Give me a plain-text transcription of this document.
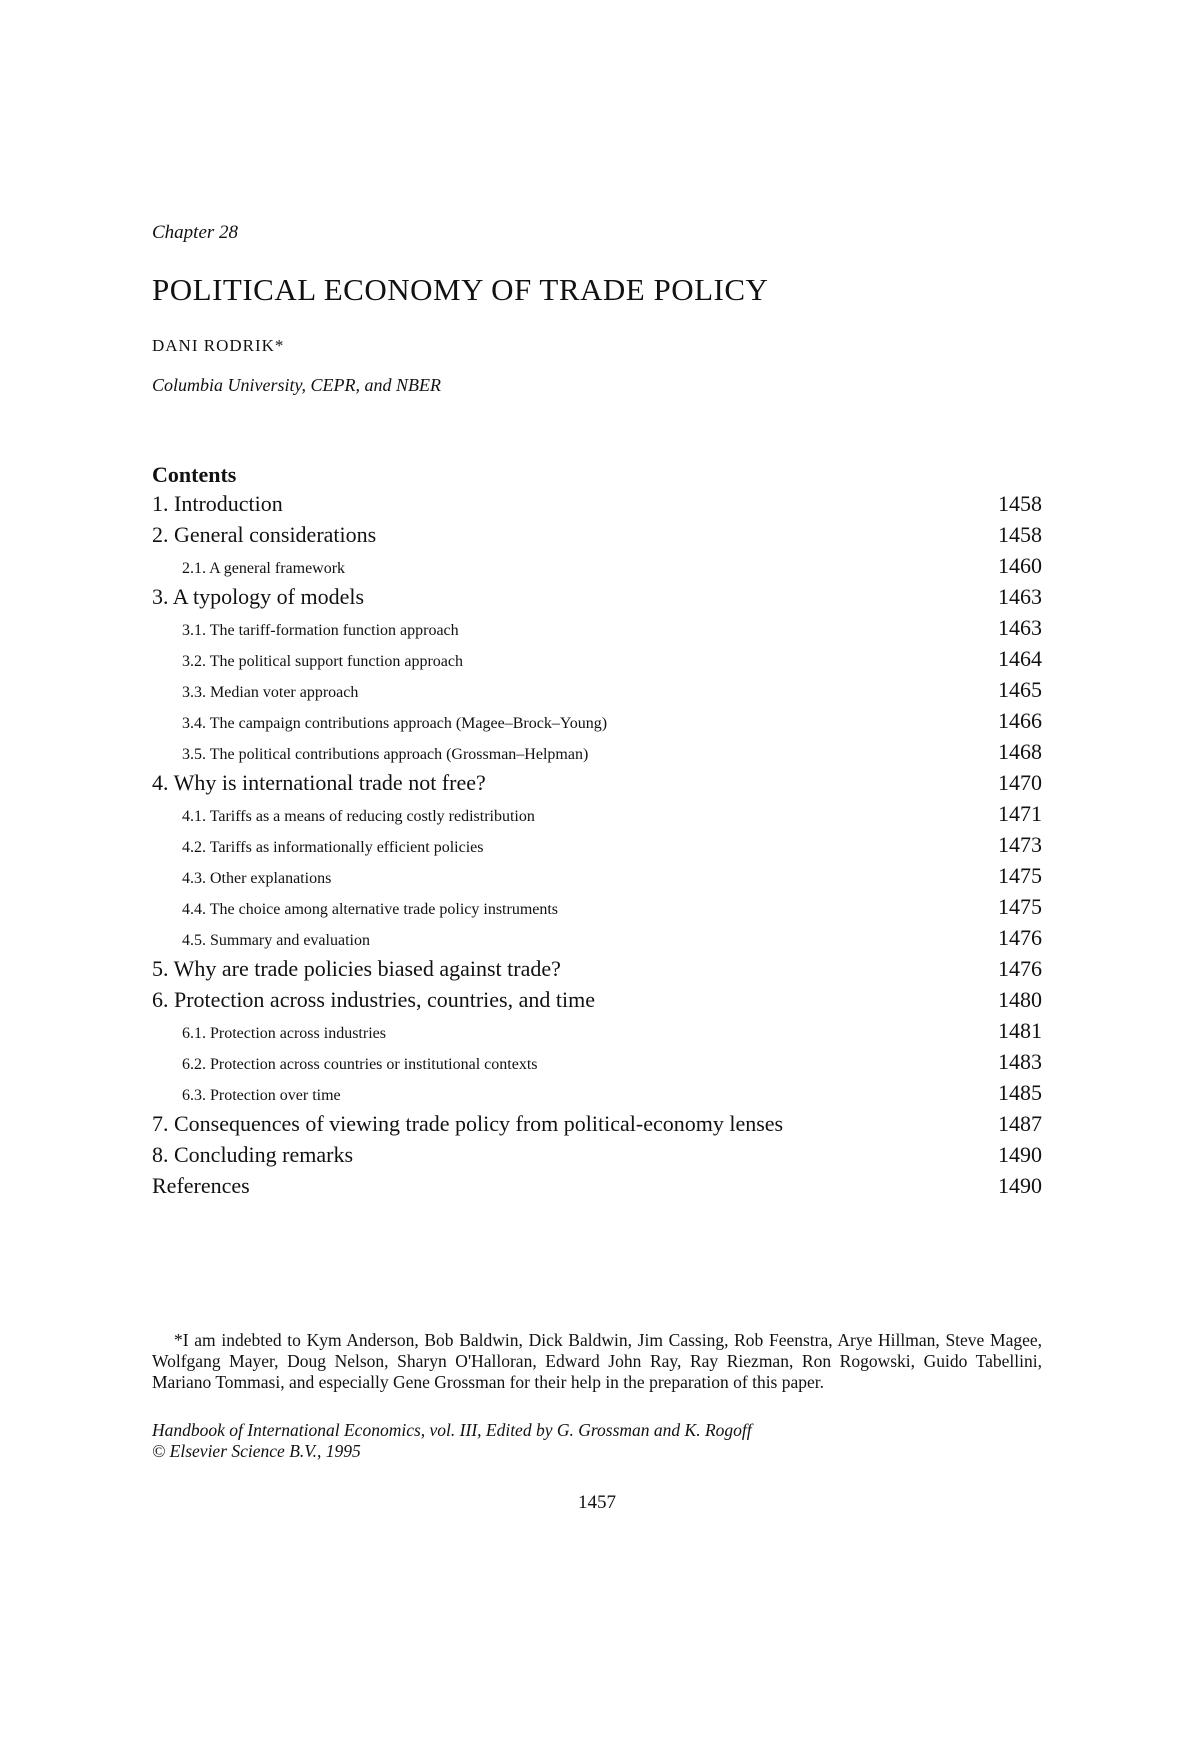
Chapter 28
POLITICAL ECONOMY OF TRADE POLICY
DANI RODRIK*
Columbia University, CEPR, and NBER
Contents
1. Introduction	1458
2. General considerations	1458
2.1. A general framework	1460
3. A typology of models	1463
3.1. The tariff-formation function approach	1463
3.2. The political support function approach	1464
3.3. Median voter approach	1465
3.4. The campaign contributions approach (Magee–Brock–Young)	1466
3.5. The political contributions approach (Grossman–Helpman)	1468
4. Why is international trade not free?	1470
4.1. Tariffs as a means of reducing costly redistribution	1471
4.2. Tariffs as informationally efficient policies	1473
4.3. Other explanations	1475
4.4. The choice among alternative trade policy instruments	1475
4.5. Summary and evaluation	1476
5. Why are trade policies biased against trade?	1476
6. Protection across industries, countries, and time	1480
6.1. Protection across industries	1481
6.2. Protection across countries or institutional contexts	1483
6.3. Protection over time	1485
7. Consequences of viewing trade policy from political-economy lenses	1487
8. Concluding remarks	1490
References	1490
*I am indebted to Kym Anderson, Bob Baldwin, Dick Baldwin, Jim Cassing, Rob Feenstra, Arye Hillman, Steve Magee, Wolfgang Mayer, Doug Nelson, Sharyn O'Halloran, Edward John Ray, Ray Riezman, Ron Rogowski, Guido Tabellini, Mariano Tommasi, and especially Gene Grossman for their help in the preparation of this paper.
Handbook of International Economics, vol. III, Edited by G. Grossman and K. Rogoff
© Elsevier Science B.V., 1995
1457
